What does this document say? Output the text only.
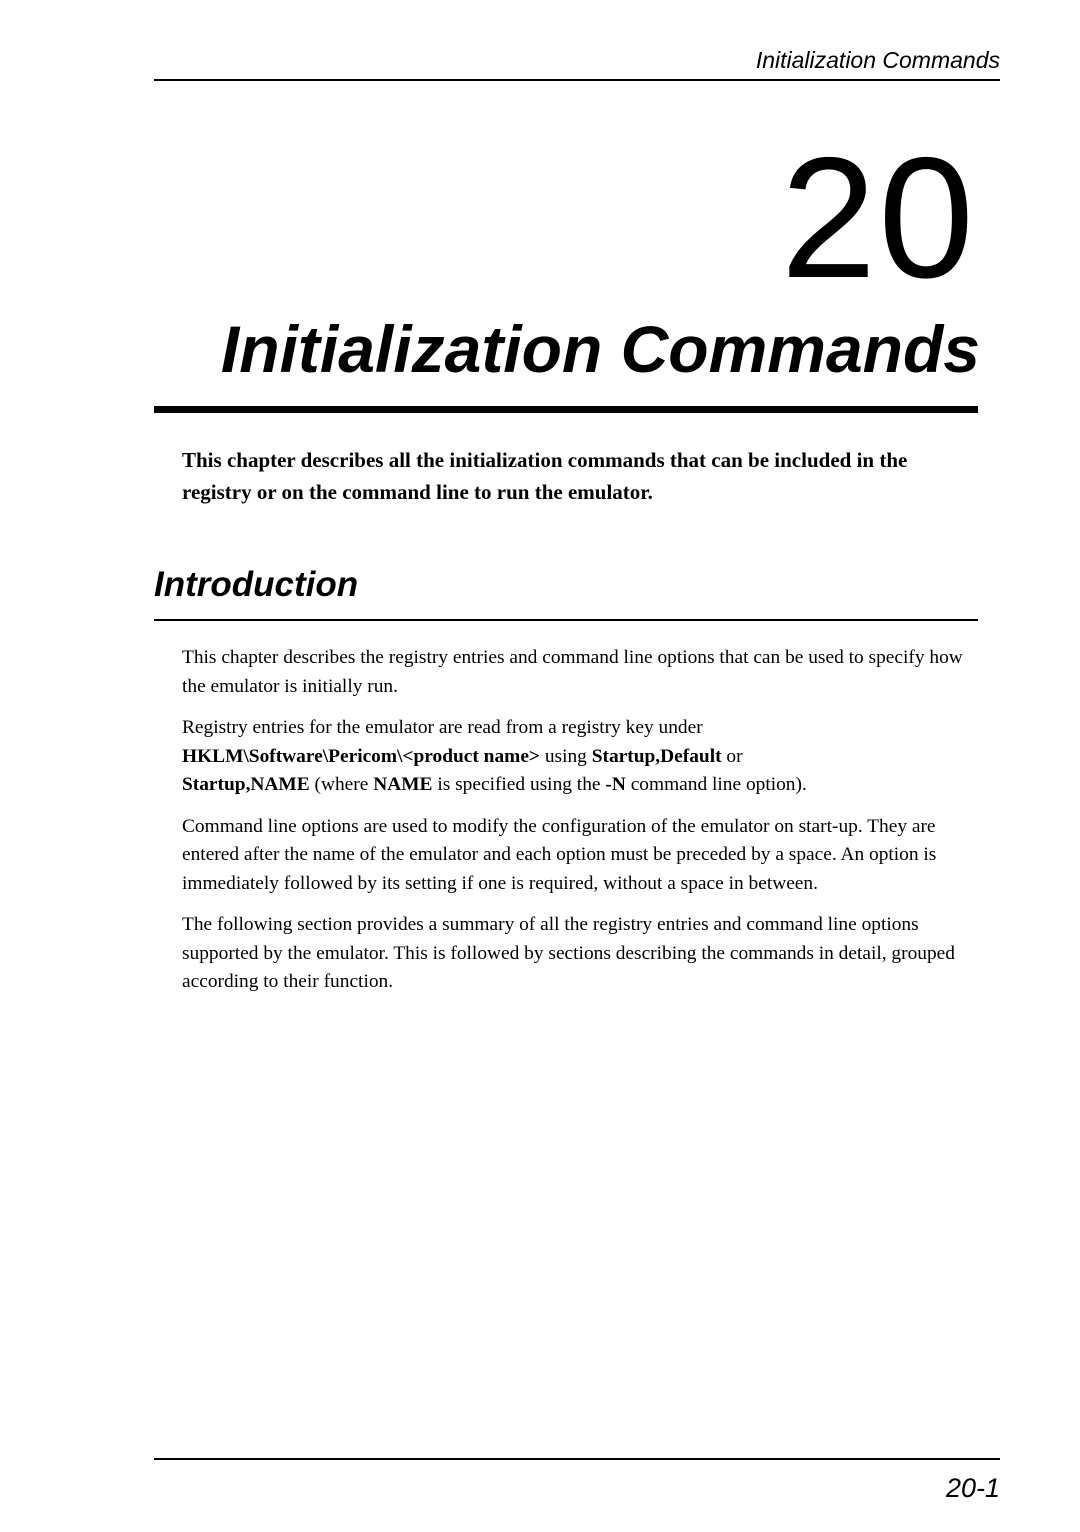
Initialization Commands
20
Initialization Commands

This chapter describes all the initialization commands that can be included in the registry or on the command line to run the emulator.

Introduction

This chapter describes the registry entries and command line options that can be used to specify how the emulator is initially run.

Registry entries for the emulator are read from a registry key under
HKLM\Software\Pericom\<product name> using Startup,Default or
Startup,NAME (where NAME is specified using the -N command line option).

Command line options are used to modify the configuration of the emulator on start-up. They are entered after the name of the emulator and each option must be preceded by a space. An option is immediately followed by its setting if one is required, without a space in between.

The following section provides a summary of all the registry entries and command line options supported by the emulator. This is followed by sections describing the commands in detail, grouped according to their function.

20-1
